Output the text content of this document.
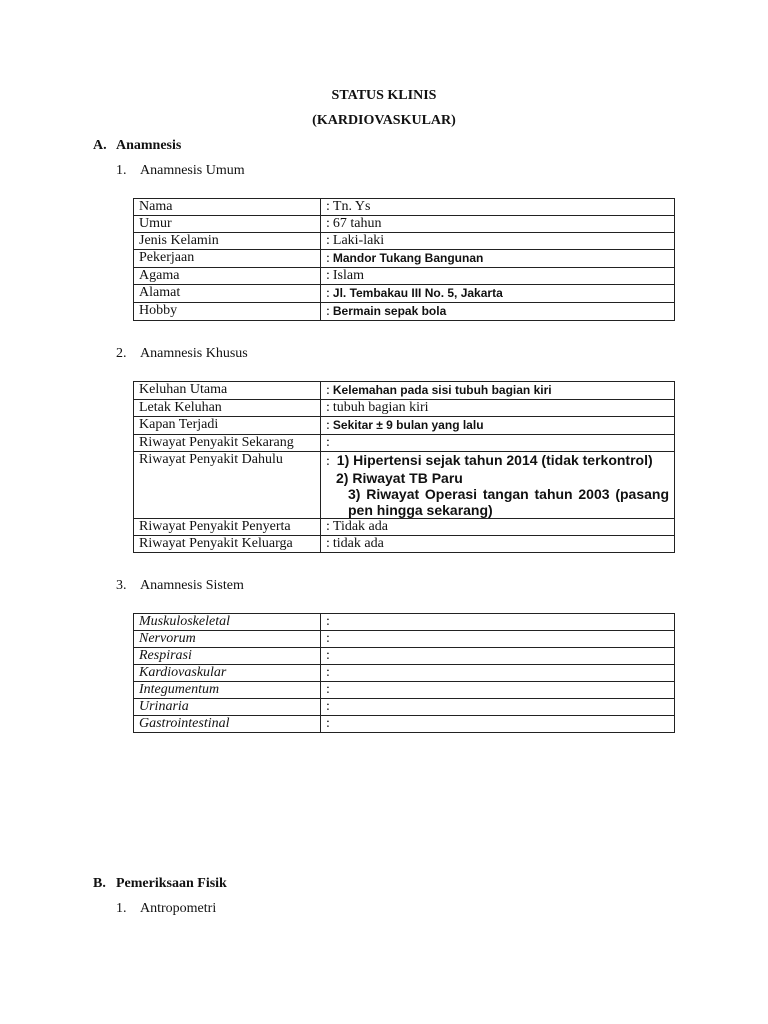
STATUS KLINIS
(KARDIOVASKULAR)
A. Anamnesis
1. Anamnesis Umum
Nama	: Tn. Ys
Umur	: 67 tahun
Jenis Kelamin	: Laki-laki
Pekerjaan	: Mandor Tukang Bangunan
Agama	: Islam
Alamat	: Jl. Tembakau III No. 5, Jakarta
Hobby	: Bermain sepak bola
2. Anamnesis Khusus
Keluhan Utama	: Kelemahan pada sisi tubuh bagian kiri
Letak Keluhan	: tubuh bagian kiri
Kapan Terjadi	: Sekitar ± 9 bulan yang lalu
Riwayat Penyakit Sekarang	:
Riwayat Penyakit Dahulu	: 1) Hipertensi sejak tahun 2014 (tidak terkontrol)
2) Riwayat TB Paru
3) Riwayat Operasi tangan tahun 2003 (pasang pen hingga sekarang)

Riwayat Penyakit Penyerta	: Tidak ada
Riwayat Penyakit Keluarga	: tidak ada
3. Anamnesis Sistem
Muskuloskeletal	:
Nervorum	:
Respirasi	:
Kardiovaskular	:
Integumentum	:
Urinaria	:
Gastrointestinal	:
B. Pemeriksaan Fisik
1. Antropometri
